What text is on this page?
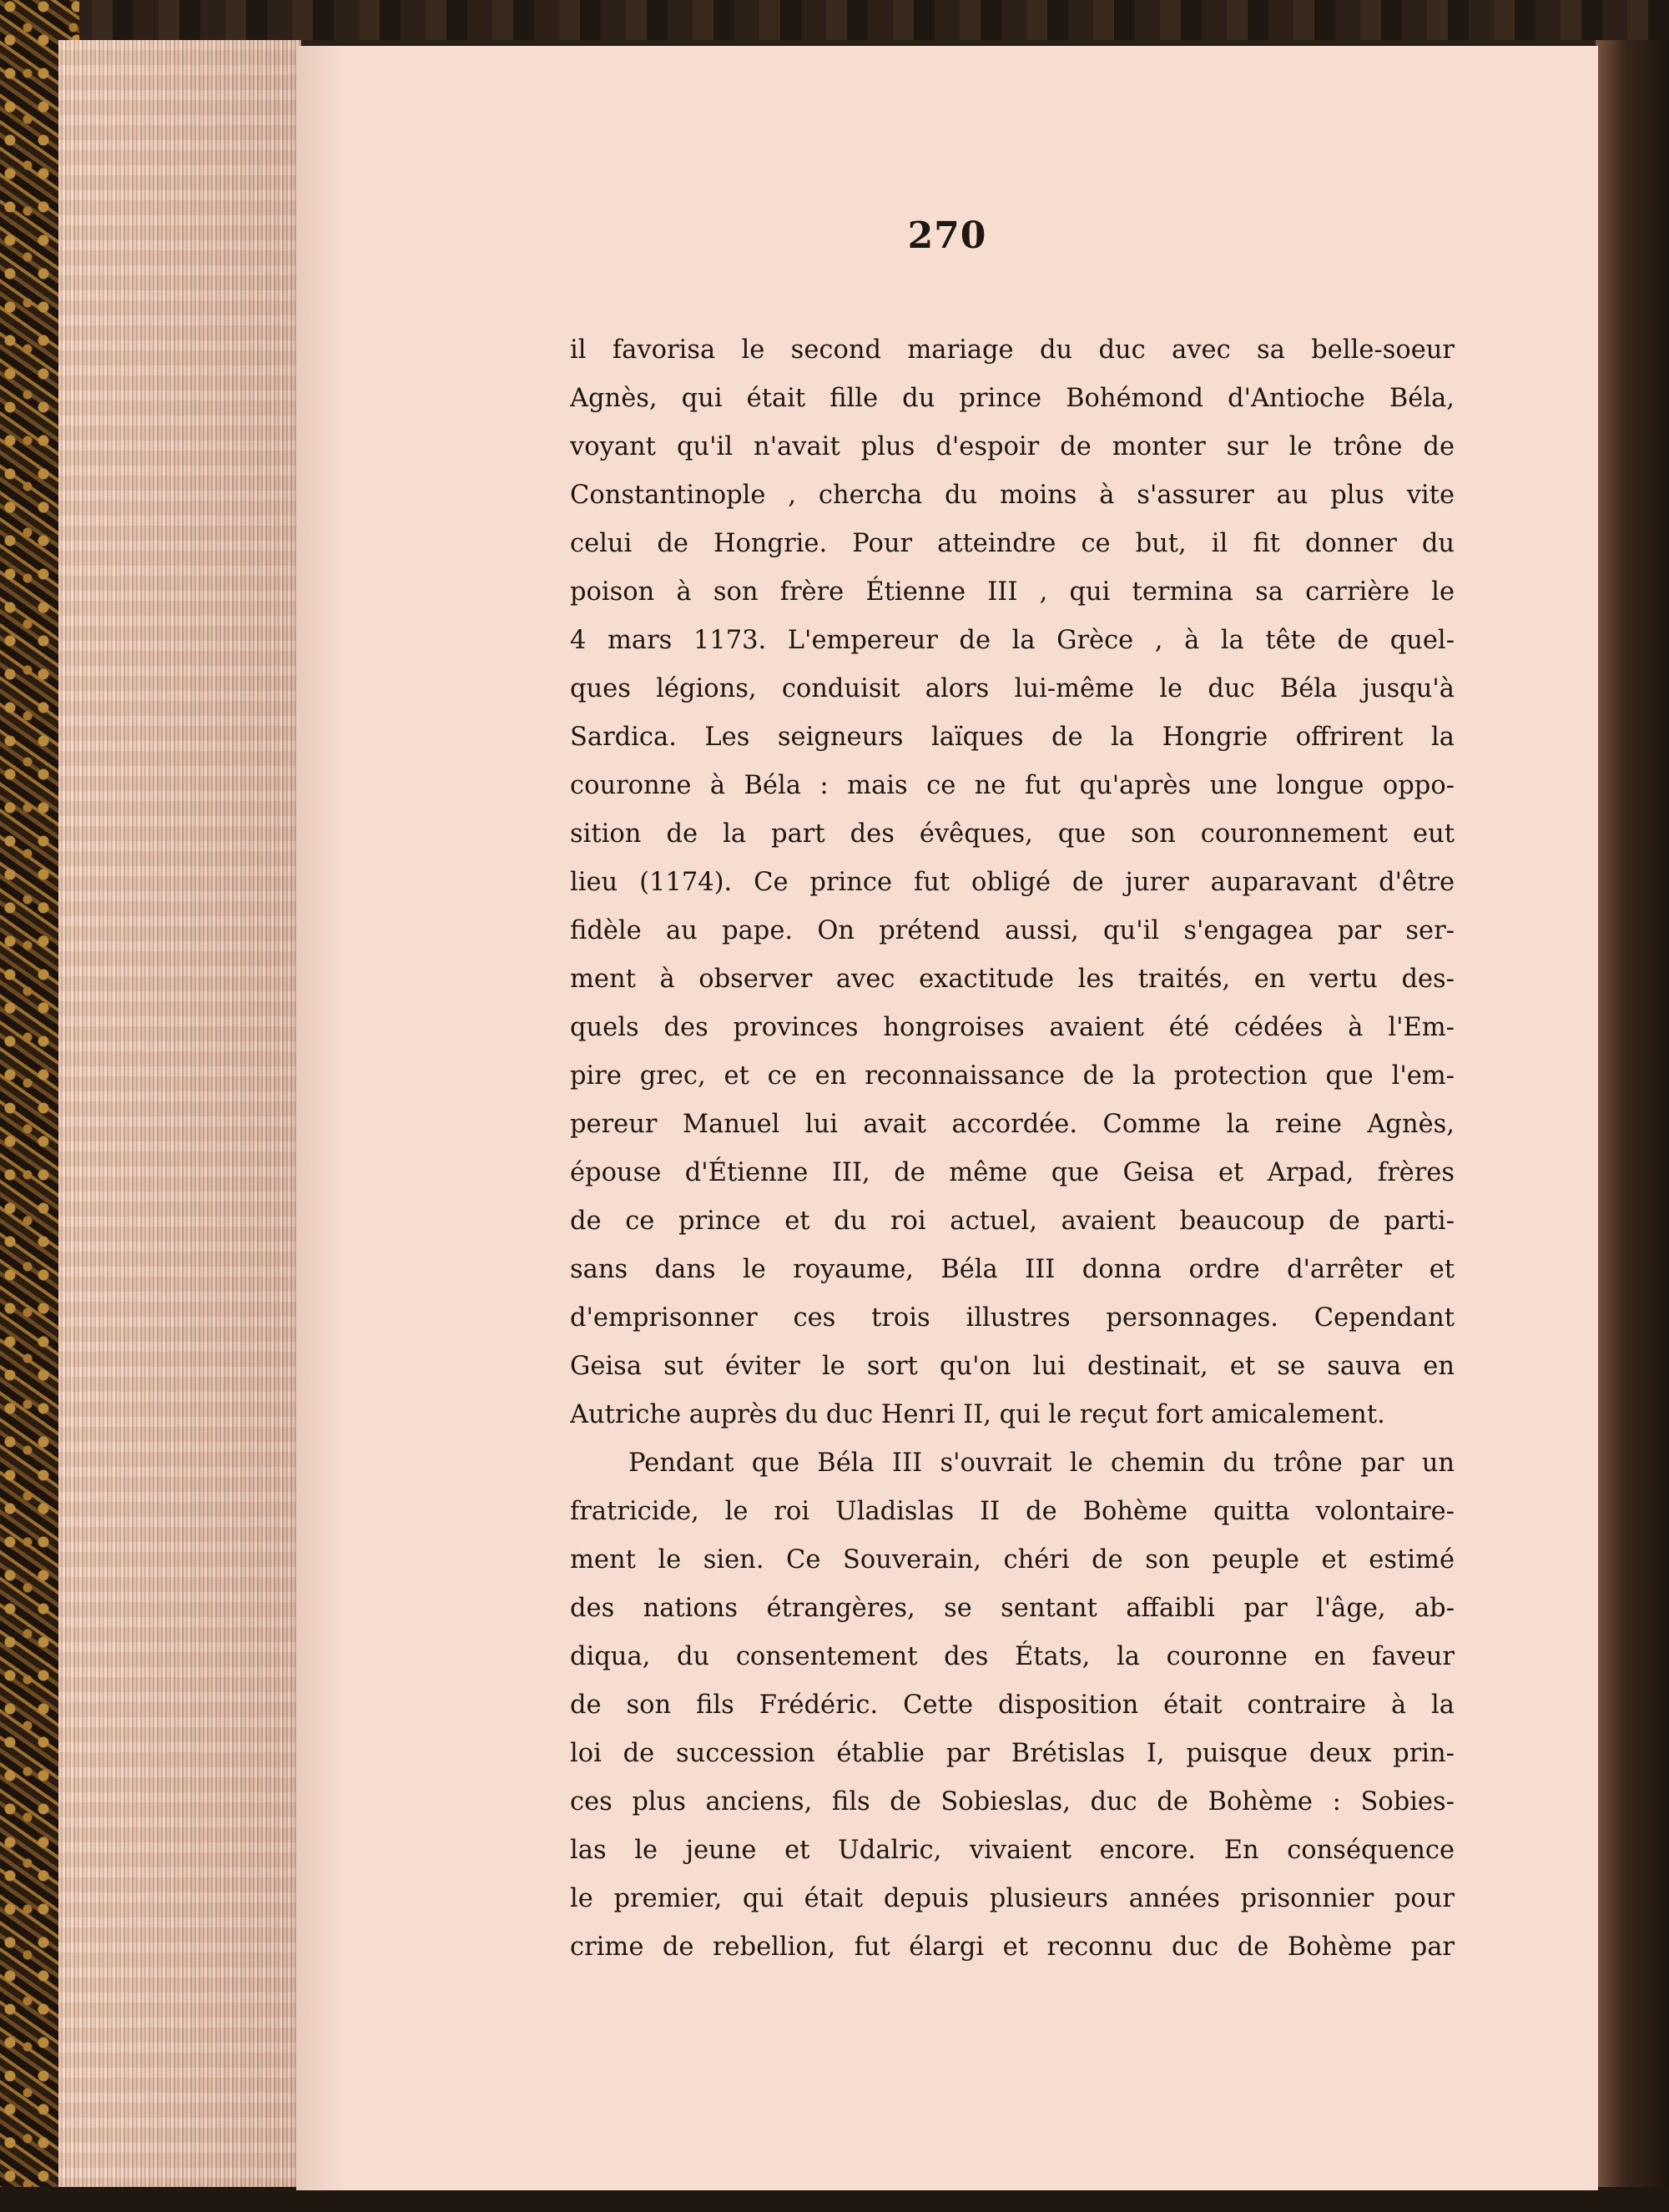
270
il favorisa le second mariage du duc avec sa belle-soeur
Agnès, qui était fille du prince Bohémond d'Antioche Béla,
voyant qu'il n'avait plus d'espoir de monter sur le trône de
Constantinople , chercha du moins à s'assurer au plus vite
celui de Hongrie. Pour atteindre ce but, il fit donner du
poison à son frère Étienne III , qui termina sa carrière le
4 mars 1173. L'empereur de la Grèce , à la tête de quel-
ques légions, conduisit alors lui-même le duc Béla jusqu'à
Sardica. Les seigneurs laïques de la Hongrie offrirent la
couronne à Béla : mais ce ne fut qu'après une longue oppo-
sition de la part des évêques, que son couronnement eut
lieu (1174). Ce prince fut obligé de jurer auparavant d'être
fidèle au pape. On prétend aussi, qu'il s'engagea par ser-
ment à observer avec exactitude les traités, en vertu des-
quels des provinces hongroises avaient été cédées à l'Em-
pire grec, et ce en reconnaissance de la protection que l'em-
pereur Manuel lui avait accordée. Comme la reine Agnès,
épouse d'Étienne III, de même que Geisa et Arpad, frères
de ce prince et du roi actuel, avaient beaucoup de parti-
sans dans le royaume, Béla III donna ordre d'arrêter et
d'emprisonner ces trois illustres personnages. Cependant
Geisa sut éviter le sort qu'on lui destinait, et se sauva en
Autriche auprès du duc Henri II, qui le reçut fort amicalement.
Pendant que Béla III s'ouvrait le chemin du trône par un
fratricide, le roi Uladislas II de Bohème quitta volontaire-
ment le sien. Ce Souverain, chéri de son peuple et estimé
des nations étrangères, se sentant affaibli par l'âge, ab-
diqua, du consentement des États, la couronne en faveur
de son fils Frédéric. Cette disposition était contraire à la
loi de succession établie par Brétislas I, puisque deux prin-
ces plus anciens, fils de Sobieslas, duc de Bohème : Sobies-
las le jeune et Udalric, vivaient encore. En conséquence
le premier, qui était depuis plusieurs années prisonnier pour
crime de rebellion, fut élargi et reconnu duc de Bohème par
